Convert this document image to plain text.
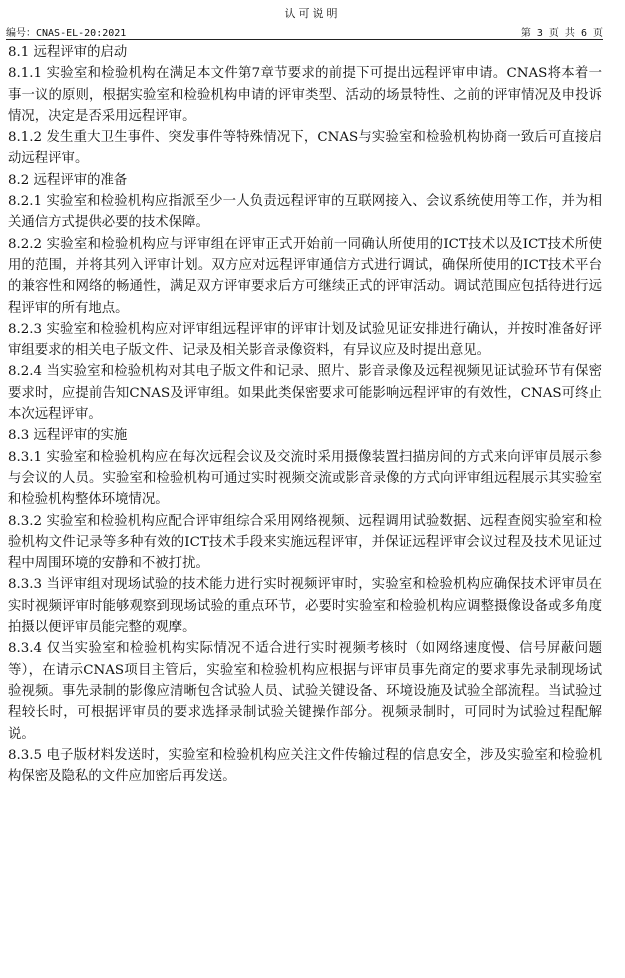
认可说明
编号：CNAS-EL-20:2021	第 3 页 共 6 页

8.1 远程评审的启动

8.1.1 实验室和检验机构在满足本文件第7章节要求的前提下可提出远程评审申请。CNAS将本着一事一议的原则，根据实验室和检验机构申请的评审类型、活动的场景特性、之前的评审情况及申投诉情况，决定是否采用远程评审。

8.1.2 发生重大卫生事件、突发事件等特殊情况下，CNAS与实验室和检验机构协商一致后可直接启动远程评审。

8.2 远程评审的准备

8.2.1 实验室和检验机构应指派至少一人负责远程评审的互联网接入、会议系统使用等工作，并为相关通信方式提供必要的技术保障。

8.2.2 实验室和检验机构应与评审组在评审正式开始前一同确认所使用的ICT技术以及ICT技术所使用的范围，并将其列入评审计划。双方应对远程评审通信方式进行调试，确保所使用的ICT技术平台的兼容性和网络的畅通性，满足双方评审要求后方可继续正式的评审活动。调试范围应包括待进行远程评审的所有地点。

8.2.3 实验室和检验机构应对评审组远程评审的评审计划及试验见证安排进行确认，并按时准备好评审组要求的相关电子版文件、记录及相关影音录像资料，有异议应及时提出意见。

8.2.4 当实验室和检验机构对其电子版文件和记录、照片、影音录像及远程视频见证试验环节有保密要求时，应提前告知CNAS及评审组。如果此类保密要求可能影响远程评审的有效性，CNAS可终止本次远程评审。

8.3 远程评审的实施

8.3.1 实验室和检验机构应在每次远程会议及交流时采用摄像装置扫描房间的方式来向评审员展示参与会议的人员。实验室和检验机构可通过实时视频交流或影音录像的方式向评审组远程展示其实验室和检验机构整体环境情况。

8.3.2 实验室和检验机构应配合评审组综合采用网络视频、远程调用试验数据、远程查阅实验室和检验机构文件记录等多种有效的ICT技术手段来实施远程评审，并保证远程评审会议过程及技术见证过程中周围环境的安静和不被打扰。

8.3.3 当评审组对现场试验的技术能力进行实时视频评审时，实验室和检验机构应确保技术评审员在实时视频评审时能够观察到现场试验的重点环节，必要时实验室和检验机构应调整摄像设备或多角度拍摄以便评审员能完整的观摩。

8.3.4 仅当实验室和检验机构实际情况不适合进行实时视频考核时（如网络速度慢、信号屏蔽问题等），在请示CNAS项目主管后，实验室和检验机构应根据与评审员事先商定的要求事先录制现场试验视频。事先录制的影像应清晰包含试验人员、试验关键设备、环境设施及试验全部流程。当试验过程较长时，可根据评审员的要求选择录制试验关键操作部分。视频录制时，可同时为试验过程配解说。

8.3.5 电子版材料发送时，实验室和检验机构应关注文件传输过程的信息安全，涉及实验室和检验机构保密及隐私的文件应加密后再发送。
